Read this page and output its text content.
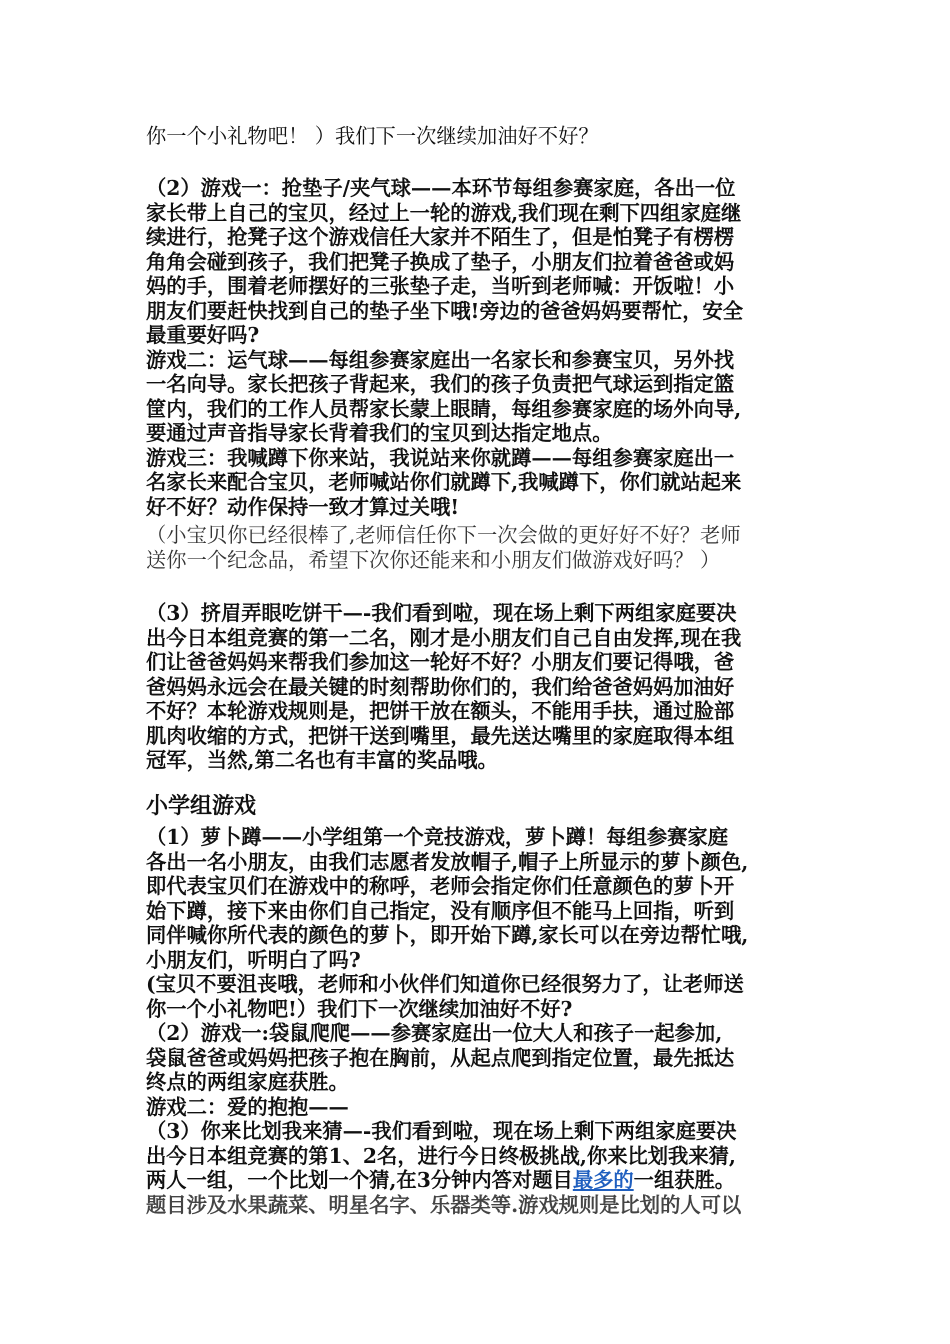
你一个小礼物吧！ ）我们下一次继续加油好不好？
（2）游戏一：抢垫子/夹气球——本环节每组参赛家庭，各出一位
家长带上自己的宝贝，经过上一轮的游戏,我们现在剩下四组家庭继
续进行，抢凳子这个游戏信任大家并不陌生了，但是怕凳子有楞楞
角角会碰到孩子，我们把凳子换成了垫子，小朋友们拉着爸爸或妈
妈的手，围着老师摆好的三张垫子走，当听到老师喊：开饭啦！小
朋友们要赶快找到自己的垫子坐下哦!旁边的爸爸妈妈要帮忙，安全
最重要好吗?
游戏二：运气球——每组参赛家庭出一名家长和参赛宝贝，另外找
一名向导。家长把孩子背起来，我们的孩子负责把气球运到指定篮
筐内，我们的工作人员帮家长蒙上眼睛，每组参赛家庭的场外向导,
要通过声音指导家长背着我们的宝贝到达指定地点。
游戏三：我喊蹲下你来站，我说站来你就蹲——每组参赛家庭出一
名家长来配合宝贝，老师喊站你们就蹲下,我喊蹲下，你们就站起来
好不好？动作保持一致才算过关哦!
（小宝贝你已经很棒了,老师信任你下一次会做的更好好不好？老师
送你一个纪念品，希望下次你还能来和小朋友们做游戏好吗？ ）
（3）挤眉弄眼吃饼干—-我们看到啦，现在场上剩下两组家庭要决
出今日本组竞赛的第一二名，刚才是小朋友们自己自由发挥,现在我
们让爸爸妈妈来帮我们参加这一轮好不好？小朋友们要记得哦，爸
爸妈妈永远会在最关键的时刻帮助你们的，我们给爸爸妈妈加油好
不好？本轮游戏规则是，把饼干放在额头，不能用手扶，通过脸部
肌肉收缩的方式，把饼干送到嘴里，最先送达嘴里的家庭取得本组
冠军，当然,第二名也有丰富的奖品哦。
小学组游戏
（1）萝卜蹲——小学组第一个竞技游戏，萝卜蹲！每组参赛家庭
各出一名小朋友，由我们志愿者发放帽子,帽子上所显示的萝卜颜色,
即代表宝贝们在游戏中的称呼，老师会指定你们任意颜色的萝卜开
始下蹲，接下来由你们自己指定，没有顺序但不能马上回指，听到
同伴喊你所代表的颜色的萝卜，即开始下蹲,家长可以在旁边帮忙哦,
小朋友们，听明白了吗?
(宝贝不要沮丧哦，老师和小伙伴们知道你已经很努力了，让老师送
你一个小礼物吧!）我们下一次继续加油好不好?
（2）游戏一:袋鼠爬爬——参赛家庭出一位大人和孩子一起参加,
袋鼠爸爸或妈妈把孩子抱在胸前，从起点爬到指定位置，最先抵达
终点的两组家庭获胜。
游戏二：爱的抱抱——
（3）你来比划我来猜—-我们看到啦，现在场上剩下两组家庭要决
出今日本组竞赛的第1、2名，进行今日终极挑战,你来比划我来猜,
两人一组，一个比划一个猜,在3分钟内答对题目最多的一组获胜。
题目涉及水果蔬菜、明星名字、乐器类等.游戏规则是比划的人可以
